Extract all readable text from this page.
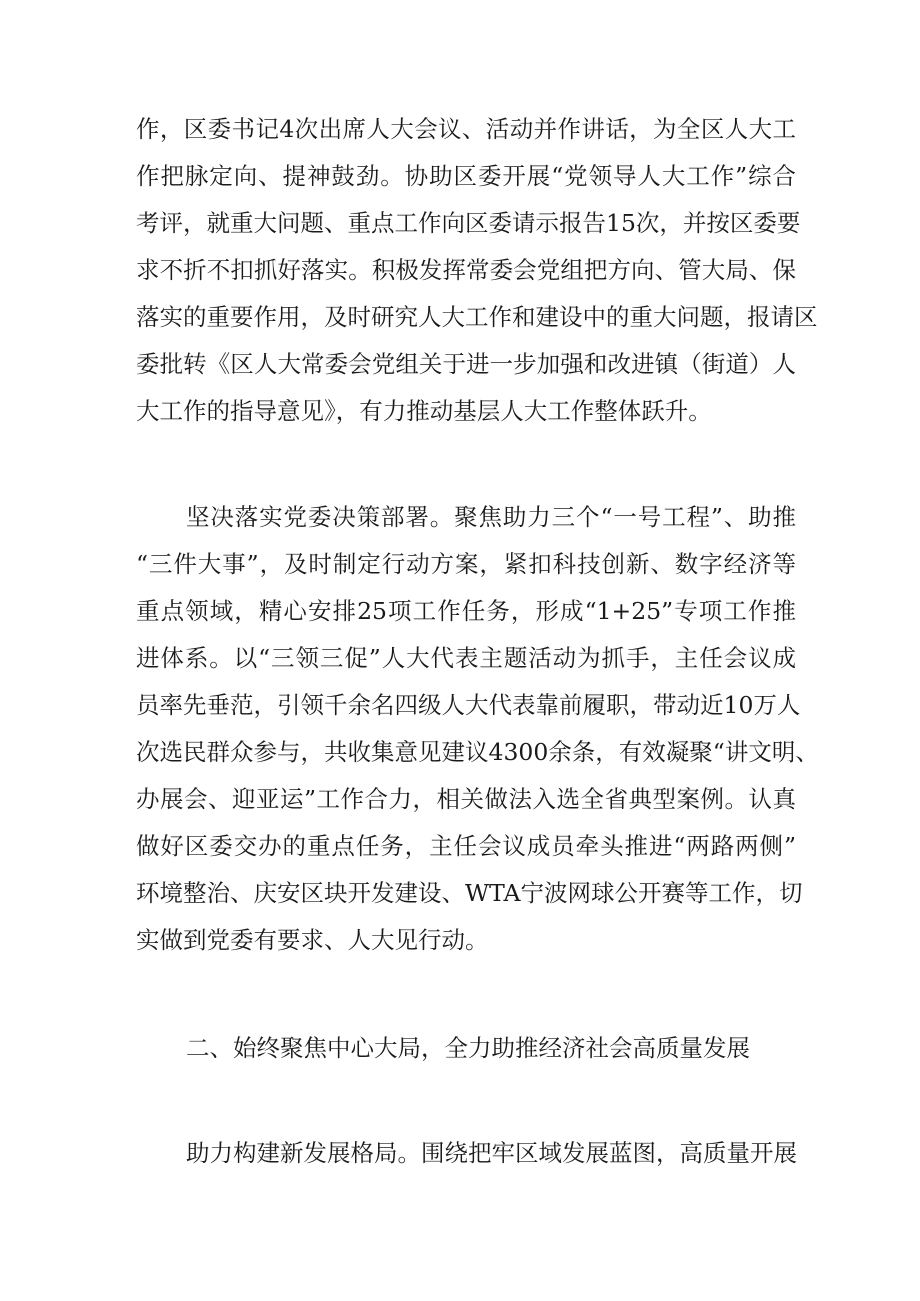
作，区委书记4次出席人大会议、活动并作讲话，为全区人大工
作把脉定向、提神鼓劲。协助区委开展“党领导人大工作”综合
考评，就重大问题、重点工作向区委请示报告15次，并按区委要
求不折不扣抓好落实。积极发挥常委会党组把方向、管大局、保
落实的重要作用，及时研究人大工作和建设中的重大问题，报请区
委批转《区人大常委会党组关于进一步加强和改进镇（街道）人
大工作的指导意见》，有力推动基层人大工作整体跃升。
坚决落实党委决策部署。聚焦助力三个“一号工程”、助推
“三件大事”，及时制定行动方案，紧扣科技创新、数字经济等
重点领域，精心安排25项工作任务，形成“1+25”专项工作推
进体系。以“三领三促”人大代表主题活动为抓手，主任会议成
员率先垂范，引领千余名四级人大代表靠前履职，带动近10万人
次选民群众参与，共收集意见建议4300余条，有效凝聚“讲文明、
办展会、迎亚运”工作合力，相关做法入选全省典型案例。认真
做好区委交办的重点任务，主任会议成员牵头推进“两路两侧”
环境整治、庆安区块开发建设、WTA宁波网球公开赛等工作，切
实做到党委有要求、人大见行动。
二、始终聚焦中心大局，全力助推经济社会高质量发展
助力构建新发展格局。围绕把牢区域发展蓝图，高质量开展
